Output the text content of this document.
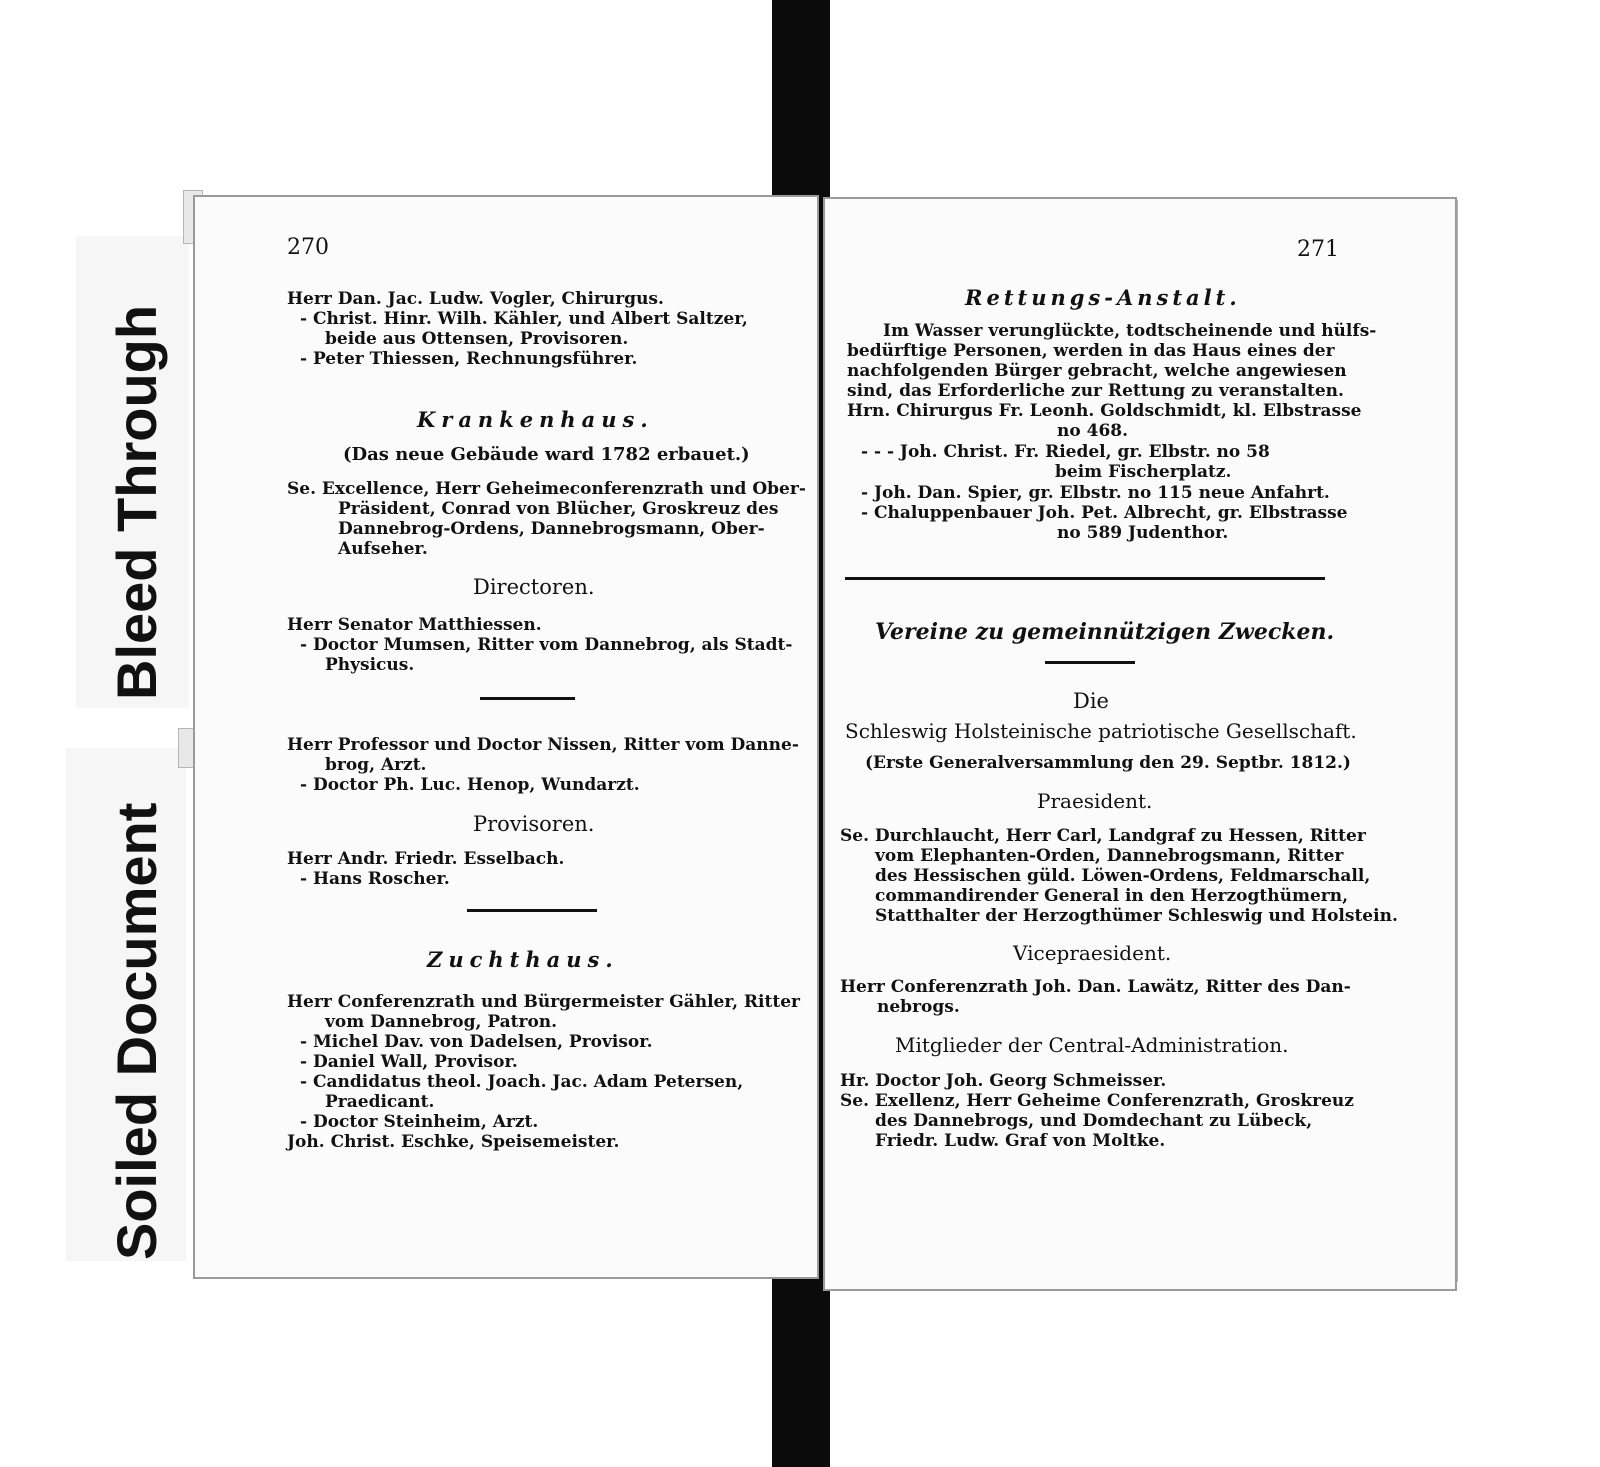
Bleed Through
Soiled Document
270
Herr Dan. Jac. Ludw. Vogler, Chirurgus.
- Christ. Hinr. Wilh. Kähler, und Albert Saltzer,
beide aus Ottensen, Provisoren.
- Peter Thiessen, Rechnungsführer.
Krankenhaus.
(Das neue Gebäude ward 1782 erbauet.)
Se. Excellence, Herr Geheimeconferenzrath und Ober-
Präsident, Conrad von Blücher, Groskreuz des
Dannebrog-Ordens, Dannebrogsmann, Ober-
Aufseher.
Directoren.
Herr Senator Matthiessen.
- Doctor Mumsen, Ritter vom Dannebrog, als Stadt-
Physicus.
Herr Professor und Doctor Nissen, Ritter vom Danne-
brog, Arzt.
- Doctor Ph. Luc. Henop, Wundarzt.
Provisoren.
Herr Andr. Friedr. Esselbach.
- Hans Roscher.
Zuchthaus.
Herr Conferenzrath und Bürgermeister Gähler, Ritter
vom Dannebrog, Patron.
- Michel Dav. von Dadelsen, Provisor.
- Daniel Wall, Provisor.
- Candidatus theol. Joach. Jac. Adam Petersen,
Praedicant.
- Doctor Steinheim, Arzt.
Joh. Christ. Eschke, Speisemeister.
271
Rettungs-Anstalt.
Im Wasser verunglückte, todtscheinende und hülfs-
bedürftige Personen, werden in das Haus eines der
nachfolgenden Bürger gebracht, welche angewiesen
sind, das Erforderliche zur Rettung zu veranstalten.
Hrn. Chirurgus Fr. Leonh. Goldschmidt, kl. Elbstrasse
no 468.
- - - Joh. Christ. Fr. Riedel, gr. Elbstr. no 58
beim Fischerplatz.
- Joh. Dan. Spier, gr. Elbstr. no 115 neue Anfahrt.
- Chaluppenbauer Joh. Pet. Albrecht, gr. Elbstrasse
no 589 Judenthor.
Vereine zu gemeinnützigen Zwecken.
Die
Schleswig Holsteinische patriotische Gesellschaft.
(Erste Generalversammlung den 29. Septbr. 1812.)
Praesident.
Se. Durchlaucht, Herr Carl, Landgraf zu Hessen, Ritter
vom Elephanten-Orden, Dannebrogsmann, Ritter
des Hessischen güld. Löwen-Ordens, Feldmarschall,
commandirender General in den Herzogthümern,
Statthalter der Herzogthümer Schleswig und Holstein.
Vicepraesident.
Herr Conferenzrath Joh. Dan. Lawätz, Ritter des Dan-
nebrogs.
Mitglieder der Central-Administration.
Hr. Doctor Joh. Georg Schmeisser.
Se. Exellenz, Herr Geheime Conferenzrath, Groskreuz
des Dannebrogs, und Domdechant zu Lübeck,
Friedr. Ludw. Graf von Moltke.
